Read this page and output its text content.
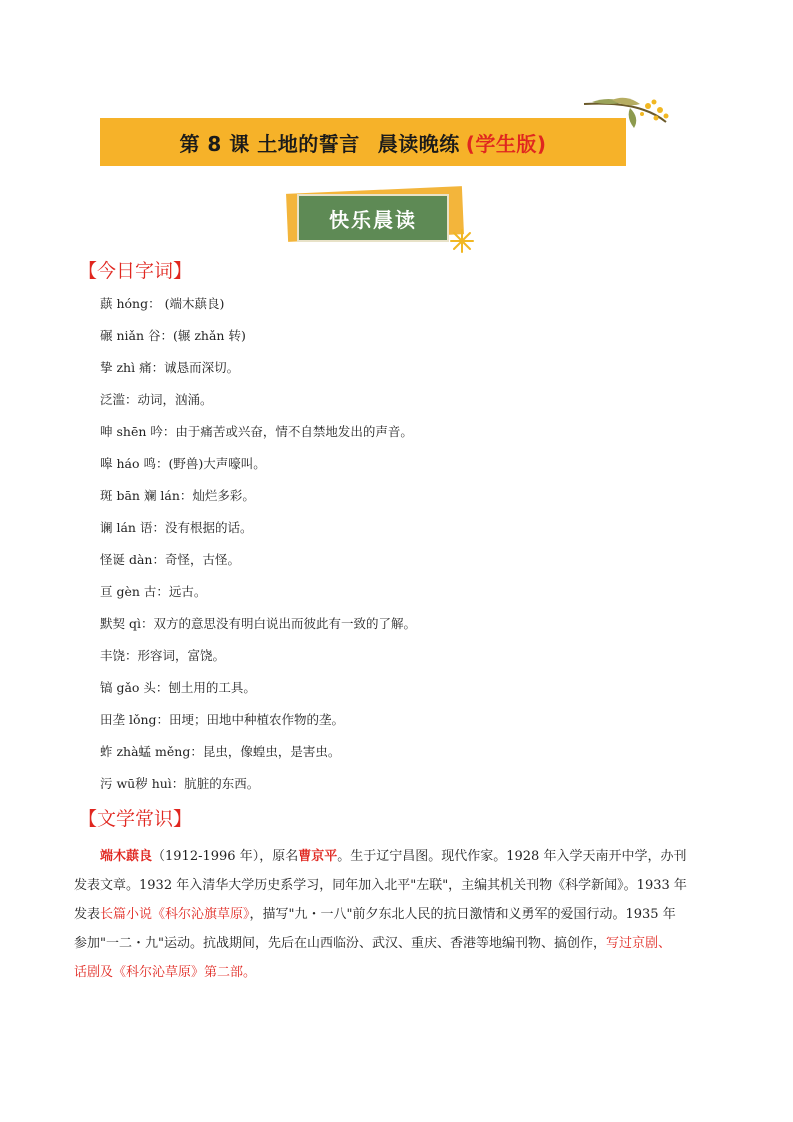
第 8 课 土地的誓言 晨读晚练 (学生版)
快乐晨读
【今日字词】
蕻 hóng： (端木蕻良)
碾 niǎn 谷：(辗 zhǎn 转)
挚 zhì 痛：诚恳而深切。
泛滥：动词，汹涌。
呻 shēn 吟：由于痛苦或兴奋，情不自禁地发出的声音。
嗥 háo 鸣：(野兽)大声嚎叫。
斑 bān 斓 lán：灿烂多彩。
谰 lán 语：没有根据的话。
怪诞 dàn：奇怪，古怪。
亘 gèn 古：远古。
默契 qì：双方的意思没有明白说出而彼此有一致的了解。
丰饶：形容词，富饶。
镐 gǎo 头：刨土用的工具。
田垄 lǒng：田埂；田地中种植农作物的垄。
蚱 zhà蜢 měng：昆虫，像蝗虫，是害虫。
污 wū秽 huì：肮脏的东西。
【文学常识】
端木蕻良（1912-1996 年），原名曹京平。生于辽宁昌图。现代作家。1928 年入学天南开中学，办刊
发表文章。1932 年入清华大学历史系学习，同年加入北平"左联"，主编其机关刊物《科学新闻》。1933 年
发表长篇小说《科尔沁旗草原》，描写"九・一八"前夕东北人民的抗日激情和义勇军的爱国行动。1935 年
参加"一二・九"运动。抗战期间，先后在山西临汾、武汉、重庆、香港等地编刊物、搞创作，写过京剧、
话剧及《科尔沁草原》第二部。
